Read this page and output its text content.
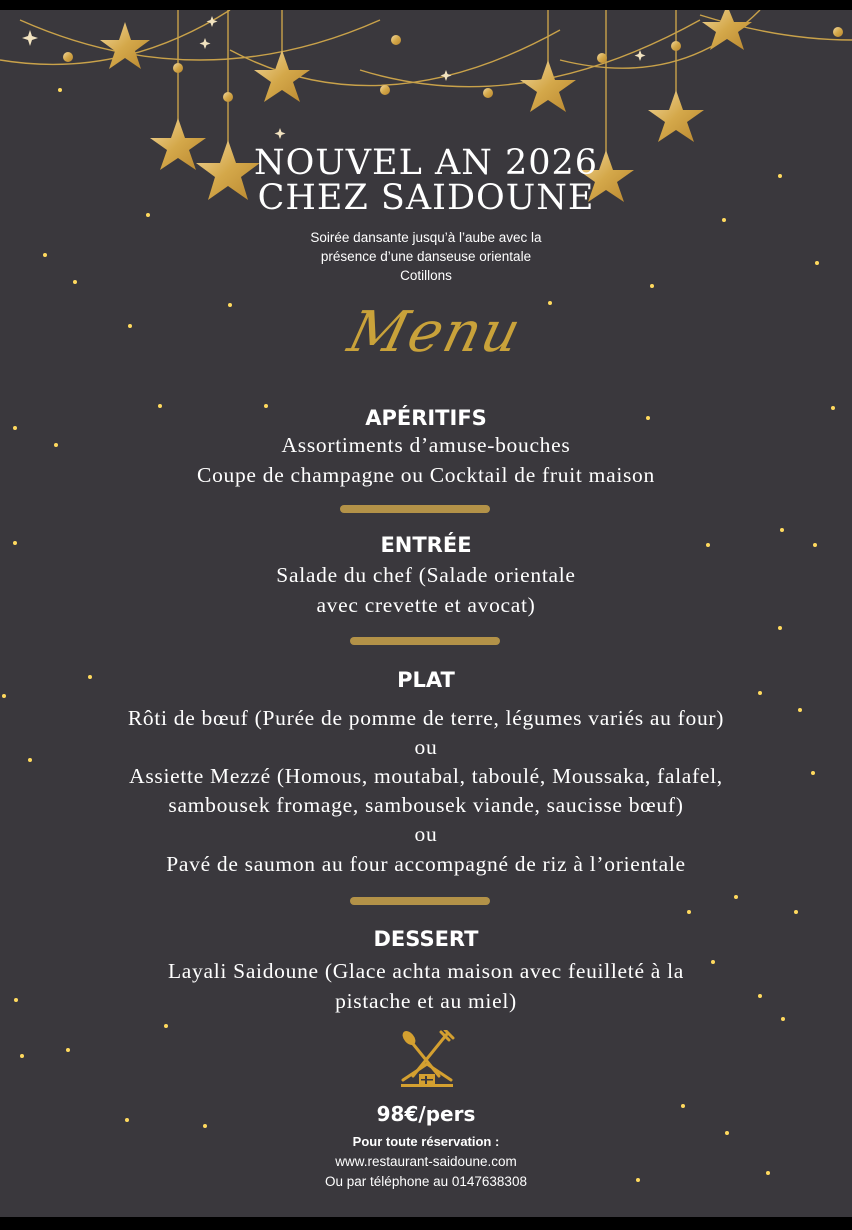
NOUVEL AN 2026
CHEZ SAIDOUNE
Soirée dansante jusqu’à l’aube avec la
présence d’une danseuse orientale
Cotillons
Menu
APÉRITIFS
Assortiments d’amuse-bouches
Coupe de champagne ou Cocktail de fruit maison
ENTRÉE
Salade du chef (Salade orientale
avec crevette et avocat)
PLAT
Rôti de bœuf (Purée de pomme de terre, légumes variés au four)
ou
Assiette Mezzé (Homous, moutabal, taboulé, Moussaka, falafel,
sambousek fromage, sambousek viande, saucisse bœuf)
ou
Pavé de saumon au four accompagné de riz à l’orientale
DESSERT
Layali Saidoune (Glace achta maison avec feuilleté à la
pistache et au miel)
98€/pers
Pour toute réservation :
www.restaurant-saidoune.com
Ou par téléphone au 0147638308
